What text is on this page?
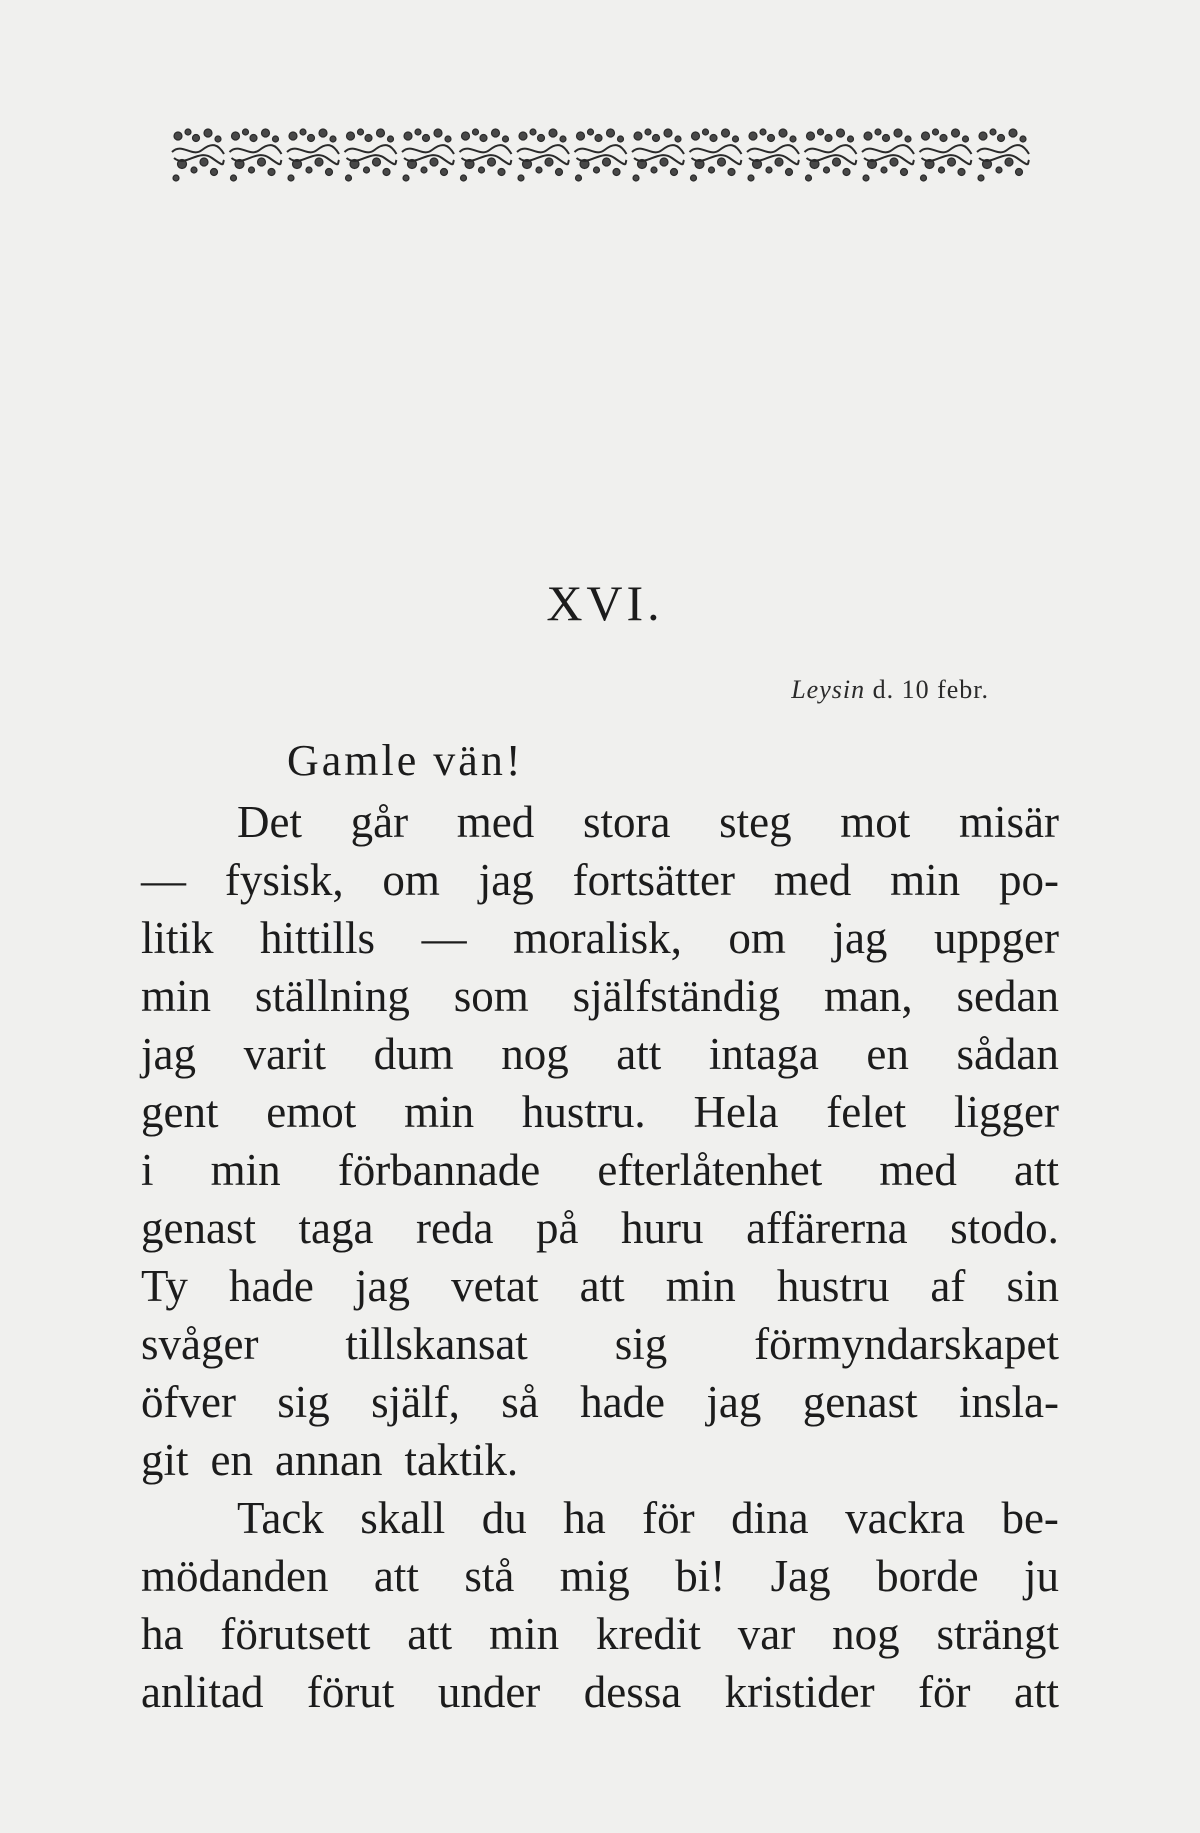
XVI.
Leysin d. 10 febr.
Gamle vän!
Det går med stora steg mot misär
— fysisk, om jag fortsätter med min po-
litik hittills — moralisk, om jag uppger
min ställning som själfständig man, sedan
jag varit dum nog att intaga en sådan
gent emot min hustru. Hela felet ligger
i min förbannade efterlåtenhet med att
genast taga reda på huru affärerna stodo.
Ty hade jag vetat att min hustru af sin
svåger tillskansat sig förmyndarskapet
öfver sig själf, så hade jag genast insla-
git en annan taktik.
Tack skall du ha för dina vackra be-
mödanden att stå mig bi! Jag borde ju
ha förutsett att min kredit var nog strängt
anlitad förut under dessa kristider för att
